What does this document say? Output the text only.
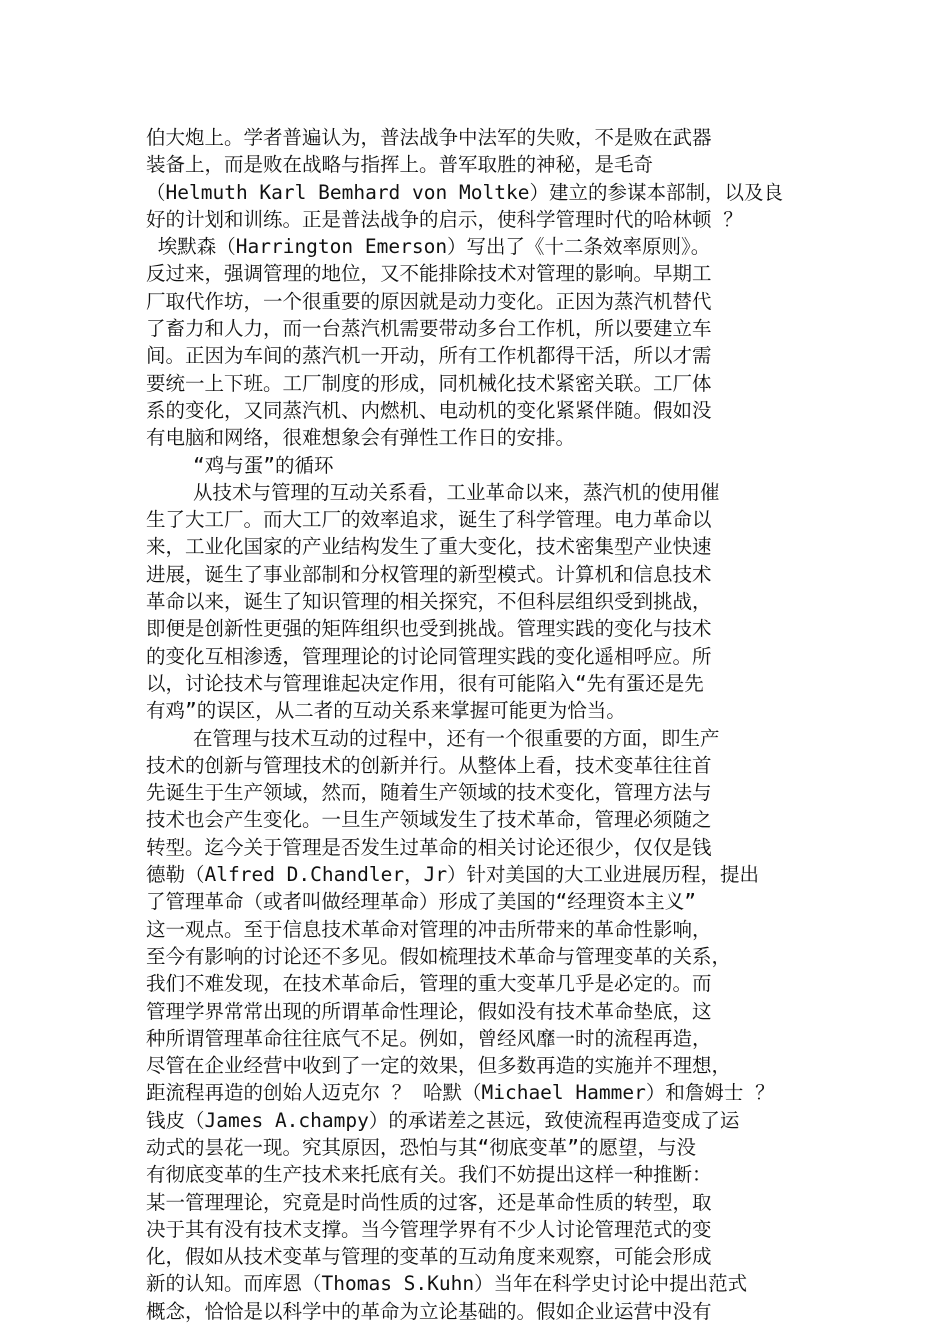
伯大炮上。学者普遍认为，普法战争中法军的失败，不是败在武器
装备上，而是败在战略与指挥上。普军取胜的神秘，是毛奇
（Helmuth Karl Bemhard von Moltke）建立的参谋本部制，以及良
好的计划和训练。正是普法战争的启示，使科学管理时代的哈林顿 ？
埃默森（Harrington Emerson）写出了《十二条效率原则》。
反过来，强调管理的地位，又不能排除技术对管理的影响。早期工
厂取代作坊，一个很重要的原因就是动力变化。正因为蒸汽机替代
了畜力和人力，而一台蒸汽机需要带动多台工作机，所以要建立车
间。正因为车间的蒸汽机一开动，所有工作机都得干活，所以才需
要统一上下班。工厂制度的形成，同机械化技术紧密关联。工厂体
系的变化，又同蒸汽机、内燃机、电动机的变化紧紧伴随。假如没
有电脑和网络，很难想象会有弹性工作日的安排。
“鸡与蛋”的循环
从技术与管理的互动关系看，工业革命以来，蒸汽机的使用催
生了大工厂。而大工厂的效率追求，诞生了科学管理。电力革命以
来，工业化国家的产业结构发生了重大变化，技术密集型产业快速
进展，诞生了事业部制和分权管理的新型模式。计算机和信息技术
革命以来，诞生了知识管理的相关探究，不但科层组织受到挑战，
即便是创新性更强的矩阵组织也受到挑战。管理实践的变化与技术
的变化互相渗透，管理理论的讨论同管理实践的变化遥相呼应。所
以，讨论技术与管理谁起决定作用，很有可能陷入“先有蛋还是先
有鸡”的误区，从二者的互动关系来掌握可能更为恰当。
在管理与技术互动的过程中，还有一个很重要的方面，即生产
技术的创新与管理技术的创新并行。从整体上看，技术变革往往首
先诞生于生产领域，然而，随着生产领域的技术变化，管理方法与
技术也会产生变化。一旦生产领域发生了技术革命，管理必须随之
转型。迄今关于管理是否发生过革命的相关讨论还很少，仅仅是钱
德勒（Alfred D.Chandler，Jr）针对美国的大工业进展历程，提出
了管理革命（或者叫做经理革命）形成了美国的“经理资本主义”
这一观点。至于信息技术革命对管理的冲击所带来的革命性影响，
至今有影响的讨论还不多见。假如梳理技术革命与管理变革的关系，
我们不难发现，在技术革命后，管理的重大变革几乎是必定的。而
管理学界常常出现的所谓革命性理论，假如没有技术革命垫底，这
种所谓管理革命往往底气不足。例如，曾经风靡一时的流程再造，
尽管在企业经营中收到了一定的效果，但多数再造的实施并不理想，
距流程再造的创始人迈克尔 ？ 哈默（Michael Hammer）和詹姆士 ？
钱皮（James A.champy）的承诺差之甚远，致使流程再造变成了运
动式的昙花一现。究其原因，恐怕与其“彻底变革”的愿望，与没
有彻底变革的生产技术来托底有关。我们不妨提出这样一种推断：
某一管理理论，究竟是时尚性质的过客，还是革命性质的转型，取
决于其有没有技术支撑。当今管理学界有不少人讨论管理范式的变
化，假如从技术变革与管理的变革的互动角度来观察，可能会形成
新的认知。而库恩（Thomas S.Kuhn）当年在科学史讨论中提出范式
概念，恰恰是以科学中的革命为立论基础的。假如企业运营中没有
